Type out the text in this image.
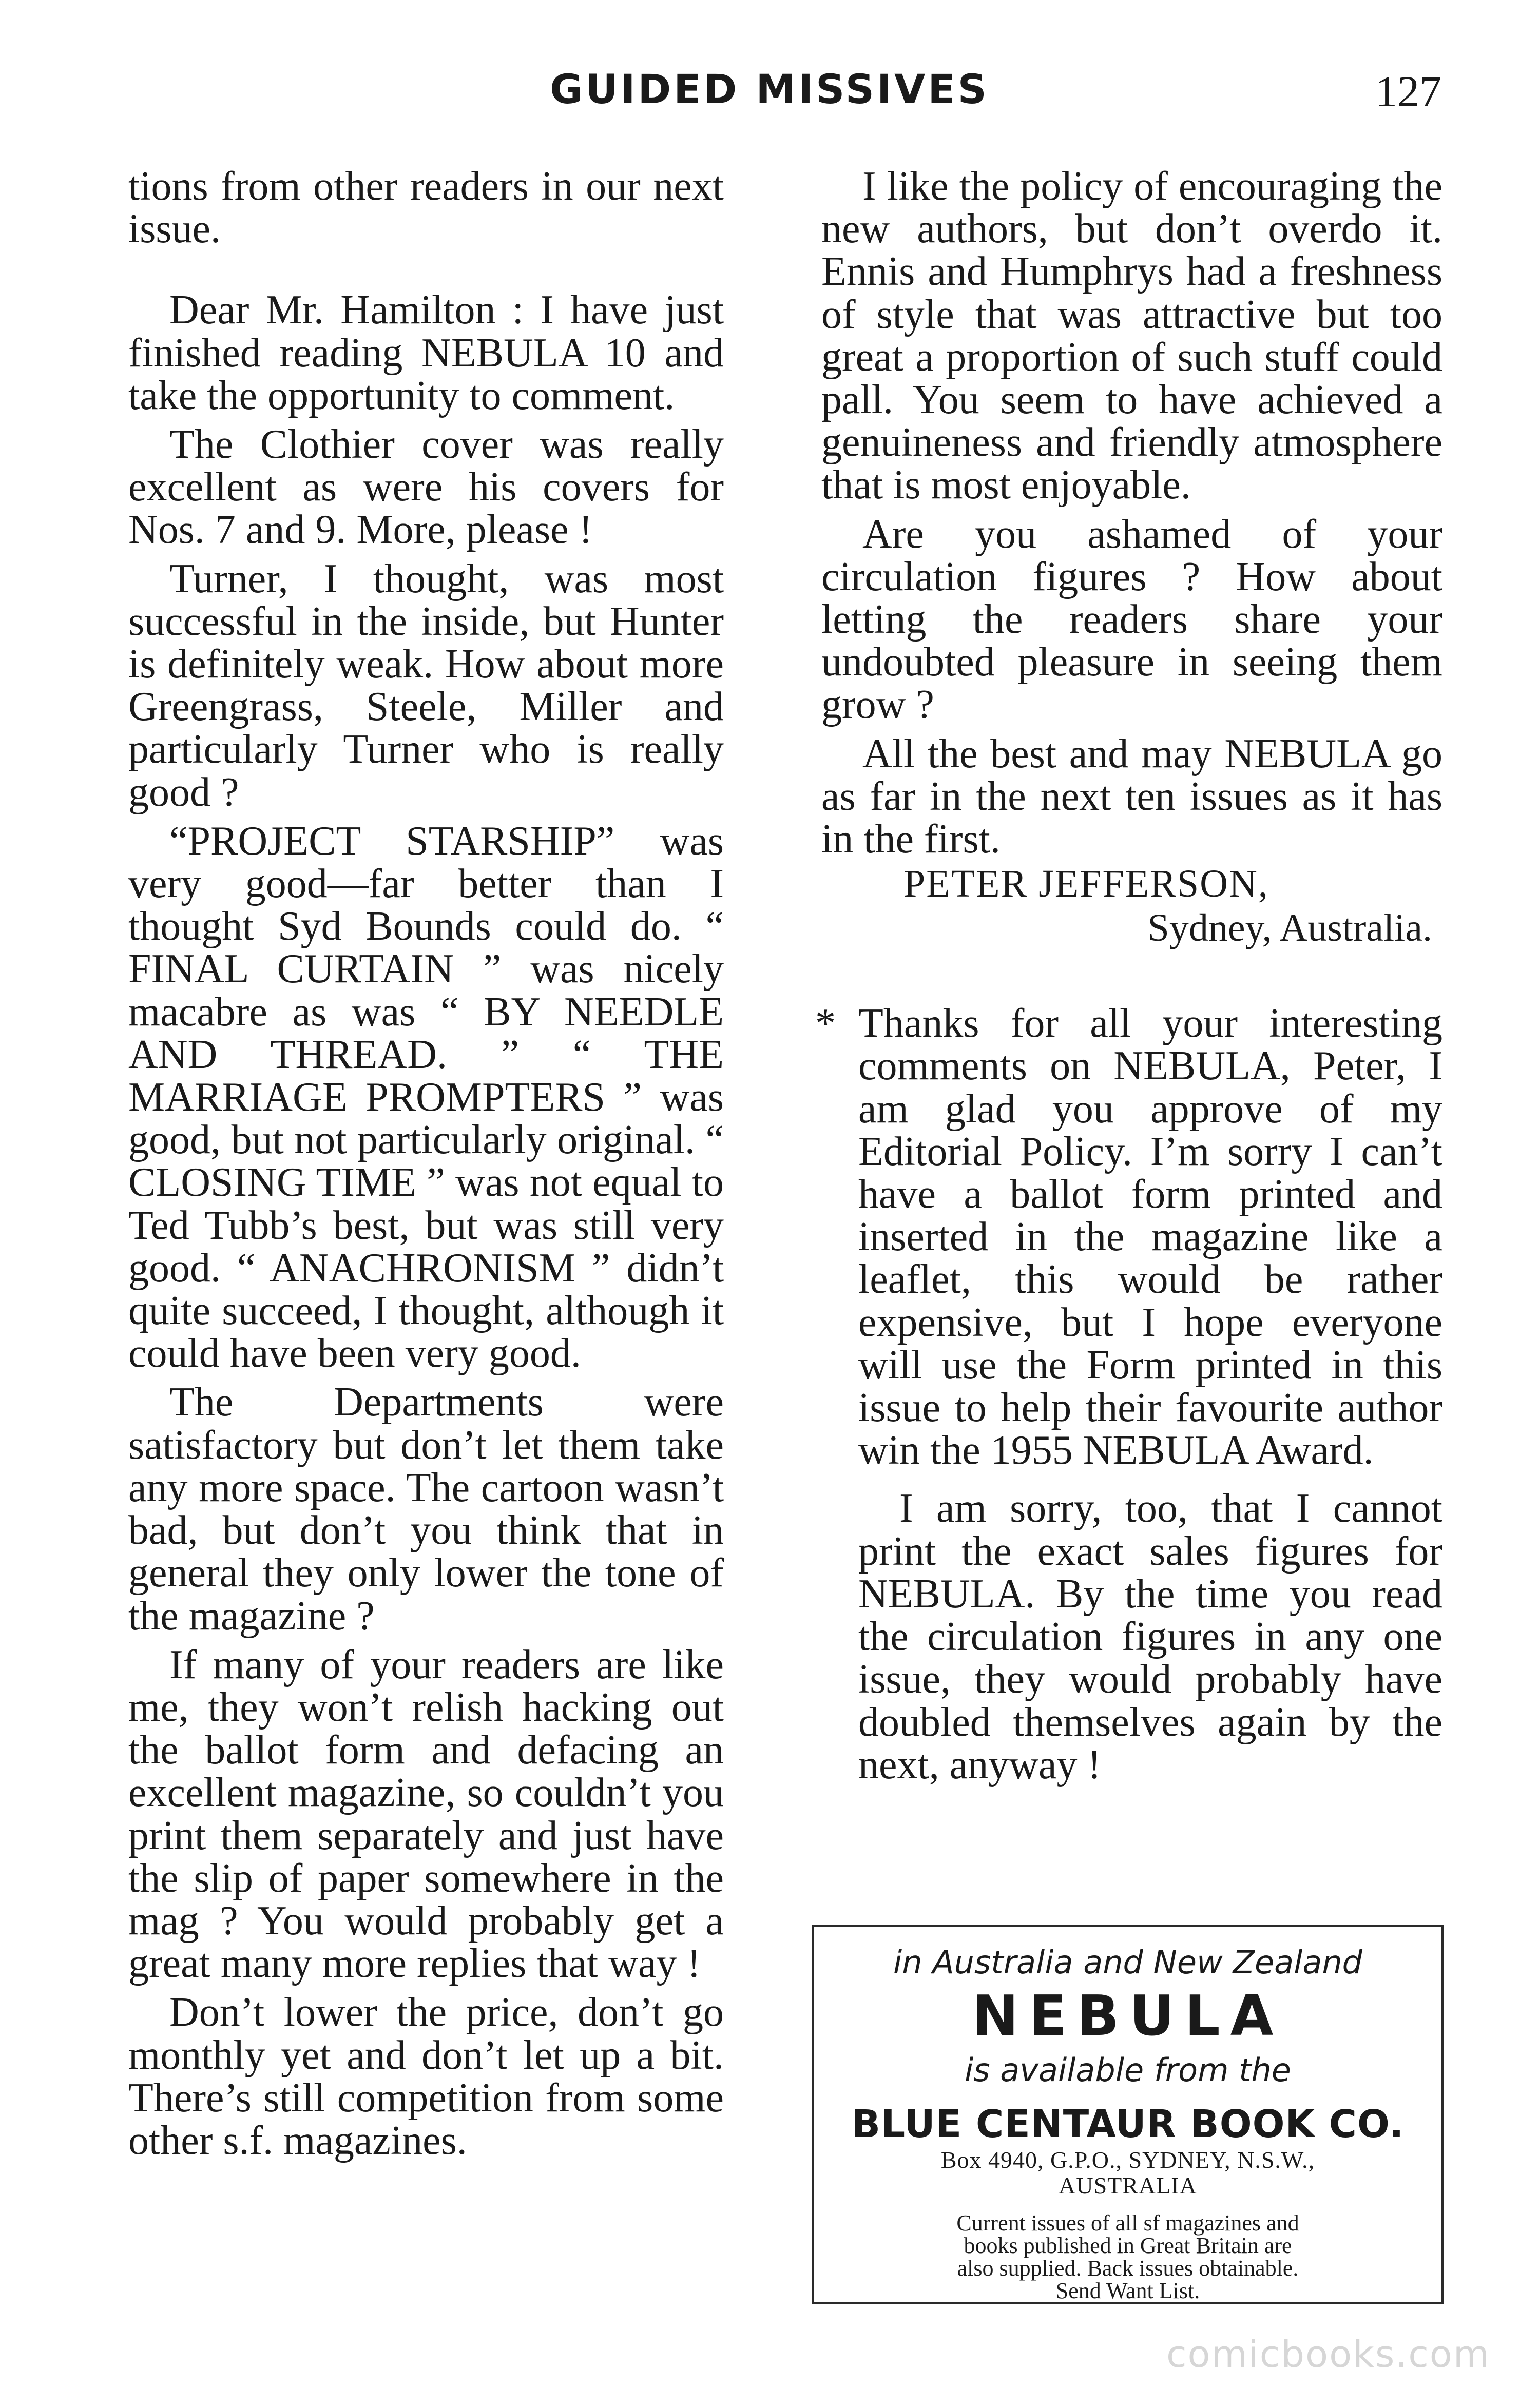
GUIDED MISSIVES	127

tions from other readers in our next issue.

Dear Mr. Hamilton : I have just finished reading NEBULA 10 and take the opportunity to comment.

The Clothier cover was really excellent as were his covers for Nos. 7 and 9. More, please !

Turner, I thought, was most successful in the inside, but Hunter is definitely weak. How about more Greengrass, Steele, Miller and particularly Turner who is really good ?

“PROJECT STARSHIP” was very good—far better than I thought Syd Bounds could do. “ FINAL CURTAIN ” was nicely macabre as was “ BY NEEDLE AND THREAD. ” “ THE MARRIAGE PROMPTERS ” was good, but not particularly original. “ CLOSING TIME ” was not equal to Ted Tubb’s best, but was still very good. “ ANACHRONISM ” didn’t quite succeed, I thought, although it could have been very good.

The Departments were satisfactory but don’t let them take any more space. The cartoon wasn’t bad, but don’t you think that in general they only lower the tone of the magazine ?

If many of your readers are like me, they won’t relish hacking out the ballot form and defacing an excellent magazine, so couldn’t you print them separately and just have the slip of paper somewhere in the mag ? You would probably get a great many more replies that way !

Don’t lower the price, don’t go monthly yet and don’t let up a bit. There’s still competition from some other s.f. magazines.

I like the policy of encouraging the new authors, but don’t overdo it. Ennis and Humphrys had a freshness of style that was attractive but too great a proportion of such stuff could pall. You seem to have achieved a genuineness and friendly atmosphere that is most enjoyable.

Are you ashamed of your circulation figures ? How about letting the readers share your undoubted pleasure in seeing them grow ?

All the best and may NEBULA go as far in the next ten issues as it has in the first.

PETER JEFFERSON,
Sydney, Australia.
* Thanks for all your interesting comments on NEBULA, Peter, I am glad you approve of my Editorial Policy. I’m sorry I can’t have a ballot form printed and inserted in the magazine like a leaflet, this would be rather expensive, but I hope everyone will use the Form printed in this issue to help their favourite author win the 1955 NEBULA Award.

I am sorry, too, that I cannot print the exact sales figures for NEBULA. By the time you read the circulation figures in any one issue, they would probably have doubled themselves again by the next, anyway !

in Australia and New Zealand
NEBULA
is available from the
BLUE CENTAUR BOOK CO.
Box 4940, G.P.O., SYDNEY, N.S.W.,
AUSTRALIA
Current issues of all sf magazines and
books published in Great Britain are
also supplied. Back issues obtainable.
Send Want List.
comicbooks.com
